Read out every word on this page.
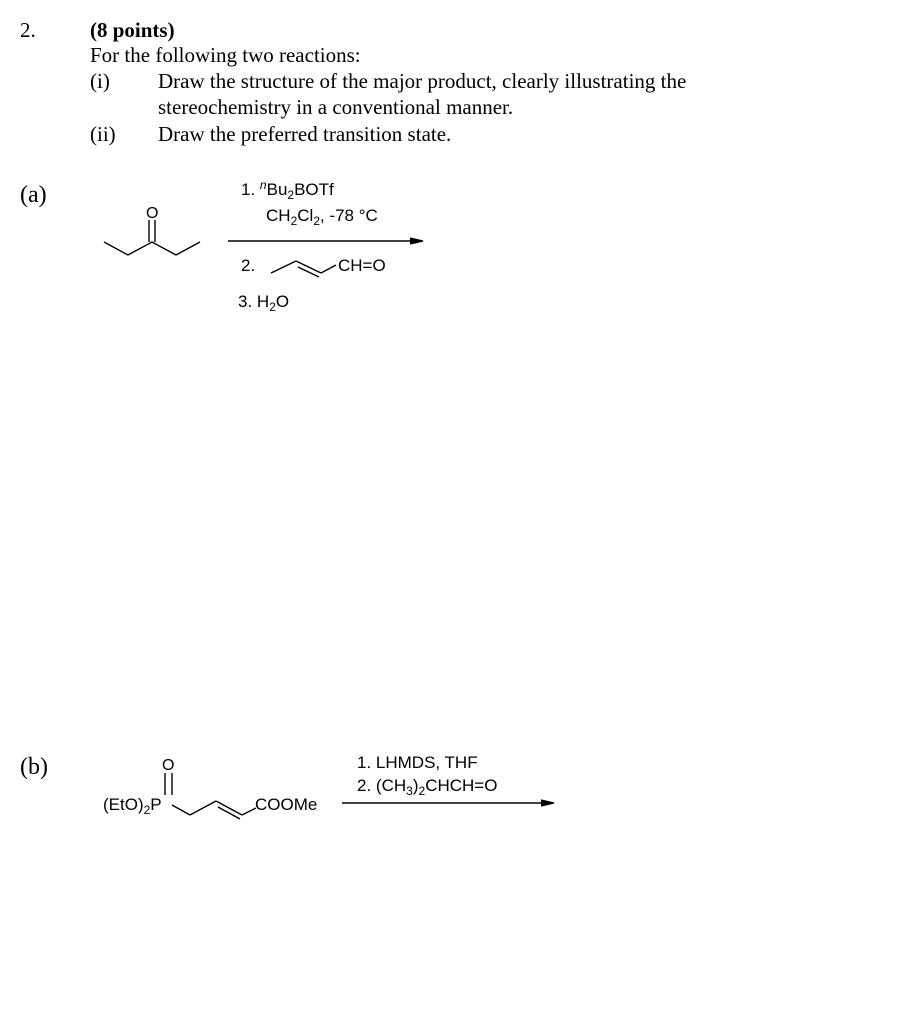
2.	(8 points)
For the following two reactions:
(i) Draw the structure of the major product, clearly illustrating the
stereochemistry in a conventional manner.
(ii) Draw the preferred transition state.
(a)
O
1. $^nBu_2BOTf$
$CH_2Cl_2$, -78 °C
2.	CH=O
3. $H_2O$
(b)	O
$(EtO)_2P$	COOMe
1. LHMDS, THF
2. $(CH_3)_2CHCH=O$
